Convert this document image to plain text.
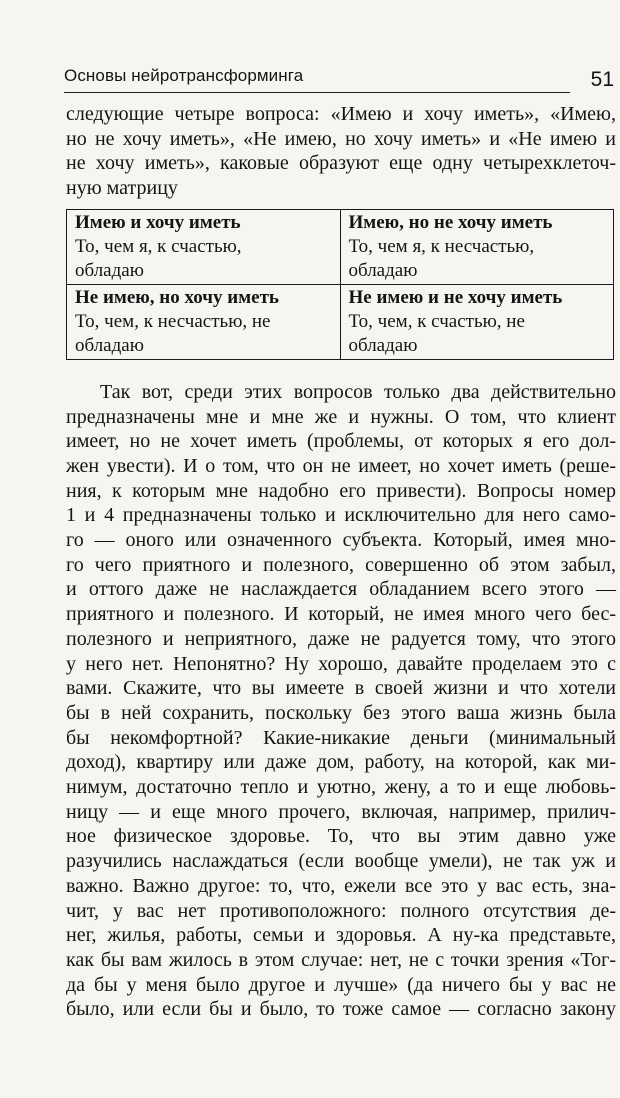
Основы нейротрансформинга	51
следующие четыре вопроса: «Имею и хочу иметь», «Имею,
но не хочу иметь», «Не имею, но хочу иметь» и «Не имею и
не хочу иметь», каковые образуют еще одну четырехклеточ-
ную матрицу
Имею и хочу иметь
То, чем я, к счастью,
обладаю	Имею, но не хочу иметь
То, чем я, к несчастью,
обладаю

Не имею, но хочу иметь
То, чем, к несчастью, не
обладаю	Не имею и не хочу иметь
То, чем, к счастью, не
обладаю
Так вот, среди этих вопросов только два действительно
предназначены мне и мне же и нужны. О том, что клиент
имеет, но не хочет иметь (проблемы, от которых я его дол-
жен увести). И о том, что он не имеет, но хочет иметь (реше-
ния, к которым мне надобно его привести). Вопросы номер
1 и 4 предназначены только и исключительно для него само-
го — оного или означенного субъекта. Который, имея мно-
го чего приятного и полезного, совершенно об этом забыл,
и оттого даже не наслаждается обладанием всего этого —
приятного и полезного. И который, не имея много чего бес-
полезного и неприятного, даже не радуется тому, что этого
у него нет. Непонятно? Ну хорошо, давайте проделаем это с
вами. Скажите, что вы имеете в своей жизни и что хотели
бы в ней сохранить, поскольку без этого ваша жизнь была
бы некомфортной? Какие-никакие деньги (минимальный
доход), квартиру или даже дом, работу, на которой, как ми-
нимум, достаточно тепло и уютно, жену, а то и еще любовь-
ницу — и еще много прочего, включая, например, прилич-
ное физическое здоровье. То, что вы этим давно уже
разучились наслаждаться (если вообще умели), не так уж и
важно. Важно другое: то, что, ежели все это у вас есть, зна-
чит, у вас нет противоположного: полного отсутствия де-
нег, жилья, работы, семьи и здоровья. А ну-ка представьте,
как бы вам жилось в этом случае: нет, не с точки зрения «Тог-
да бы у меня было другое и лучше» (да ничего бы у вас не
было, или если бы и было, то тоже самое — согласно закону
